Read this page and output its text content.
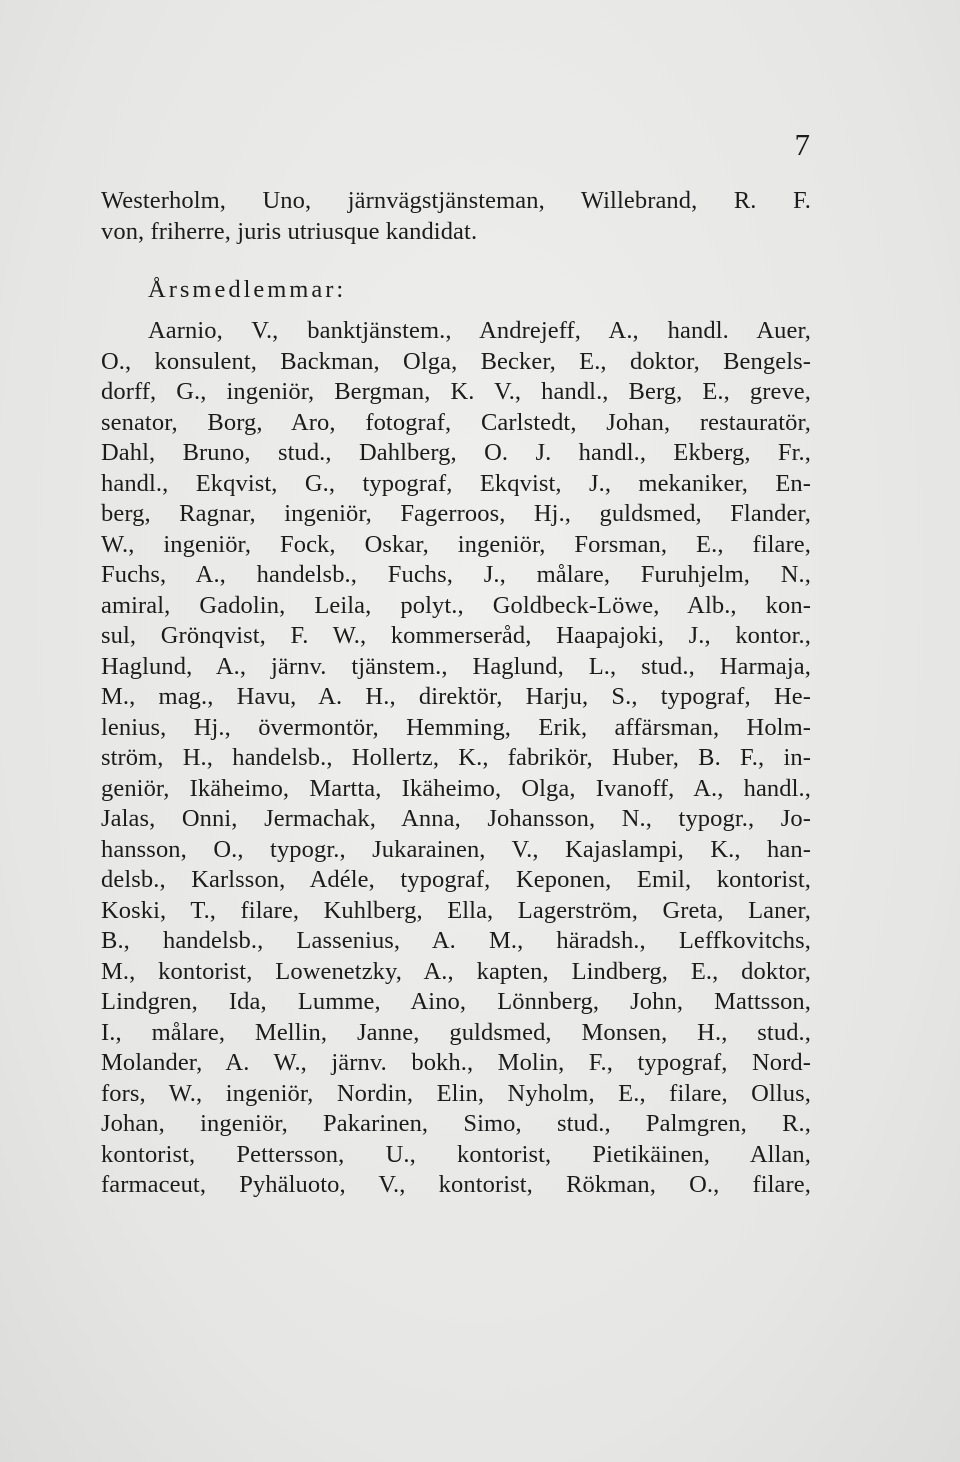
7
Westerholm, Uno, järnvägstjänsteman, Willebrand, R. F.
von, friherre, juris utriusque kandidat.
Årsmedlemmar:
Aarnio, V., banktjänstem., Andrejeff, A., handl. Auer,
O., konsulent, Backman, Olga, Becker, E., doktor, Bengels-
dorff, G., ingeniör, Bergman, K. V., handl., Berg, E., greve,
senator, Borg, Aro, fotograf, Carlstedt, Johan, restauratör,
Dahl, Bruno, stud., Dahlberg, O. J. handl., Ekberg, Fr.,
handl., Ekqvist, G., typograf, Ekqvist, J., mekaniker, En-
berg, Ragnar, ingeniör, Fagerroos, Hj., guldsmed, Flander,
W., ingeniör, Fock, Oskar, ingeniör, Forsman, E., filare,
Fuchs, A., handelsb., Fuchs, J., målare, Furuhjelm, N.,
amiral, Gadolin, Leila, polyt., Goldbeck-Löwe, Alb., kon-
sul, Grönqvist, F. W., kommerseråd, Haapajoki, J., kontor.,
Haglund, A., järnv. tjänstem., Haglund, L., stud., Harmaja,
M., mag., Havu, A. H., direktör, Harju, S., typograf, He-
lenius, Hj., övermontör, Hemming, Erik, affärsman, Holm-
ström, H., handelsb., Hollertz, K., fabrikör, Huber, B. F., in-
geniör, Ikäheimo, Martta, Ikäheimo, Olga, Ivanoff, A., handl.,
Jalas, Onni, Jermachak, Anna, Johansson, N., typogr., Jo-
hansson, O., typogr., Jukarainen, V., Kajaslampi, K., han-
delsb., Karlsson, Adéle, typograf, Keponen, Emil, kontorist,
Koski, T., filare, Kuhlberg, Ella, Lagerström, Greta, Laner,
B., handelsb., Lassenius, A. M., häradsh., Leffkovitchs,
M., kontorist, Lowenetzky, A., kapten, Lindberg, E., doktor,
Lindgren, Ida, Lumme, Aino, Lönnberg, John, Mattsson,
I., målare, Mellin, Janne, guldsmed, Monsen, H., stud.,
Molander, A. W., järnv. bokh., Molin, F., typograf, Nord-
fors, W., ingeniör, Nordin, Elin, Nyholm, E., filare, Ollus,
Johan, ingeniör, Pakarinen, Simo, stud., Palmgren, R.,
kontorist, Pettersson, U., kontorist, Pietikäinen, Allan,
farmaceut, Pyhäluoto, V., kontorist, Rökman, O., filare,
